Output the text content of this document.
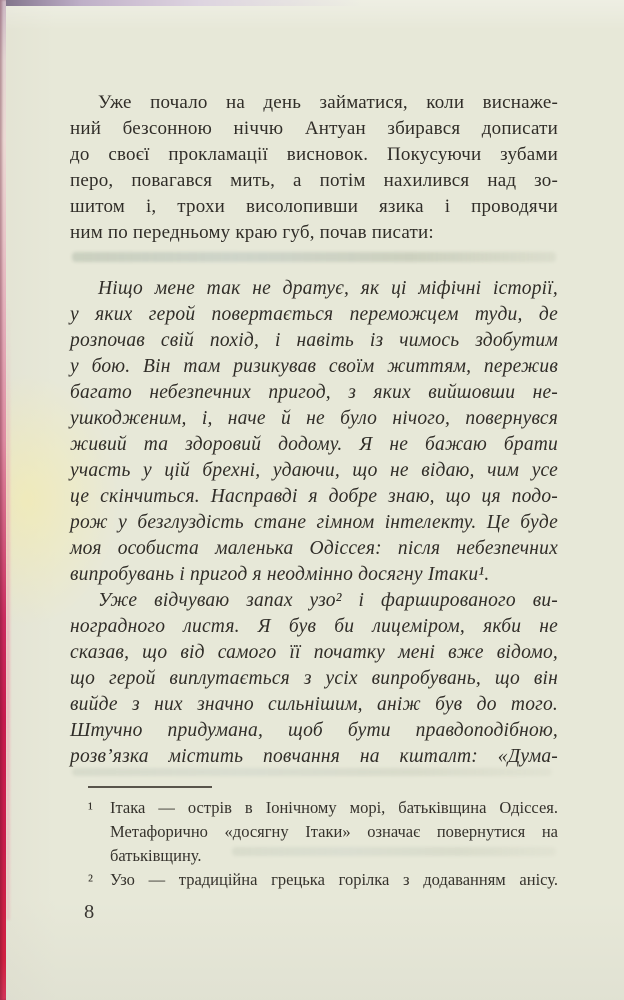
Уже почало на день займатися, коли виснаже-
ний безсонною ніччю Антуан збирався дописати
до своєї прокламації висновок. Покусуючи зубами
перо, повагався мить, а потім нахилився над зо-
шитом і, трохи висолопивши язика і проводячи
ним по передньому краю губ, почав писати:
Ніщо мене так не дратує, як ці міфічні історії,
у яких герой повертається переможцем туди, де
розпочав свій похід, і навіть із чимось здобутим
у бою. Він там ризикував своїм життям, пережив
багато небезпечних пригод, з яких вийшовши не-
ушкодженим, і, наче й не було нічого, повернувся
живий та здоровий додому. Я не бажаю брати
участь у цій брехні, удаючи, що не відаю, чим усе
це скінчиться. Насправді я добре знаю, що ця подо-
рож у безглуздість стане гімном інтелекту. Це буде
моя особиста маленька Одіссея: після небезпечних
випробувань і пригод я неодмінно досягну Ітаки¹.
Уже відчуваю запах узо² і фаршированого ви-
ноградного листя. Я був би лицеміром, якби не
сказав, що від самого її початку мені вже відомо,
що герой виплутається з усіх випробувань, що він
вийде з них значно сильнішим, аніж був до того.
Штучно придумана, щоб бути правдоподібною,
розв’язка містить повчання на кшталт: «Дума-
¹ Ітака — острів в Іонічному морі, батьківщина Одіссея.
Метафорично «досягну Ітаки» означає повернутися на
батьківщину.
² Узо — традиційна грецька горілка з додаванням анісу.
8
